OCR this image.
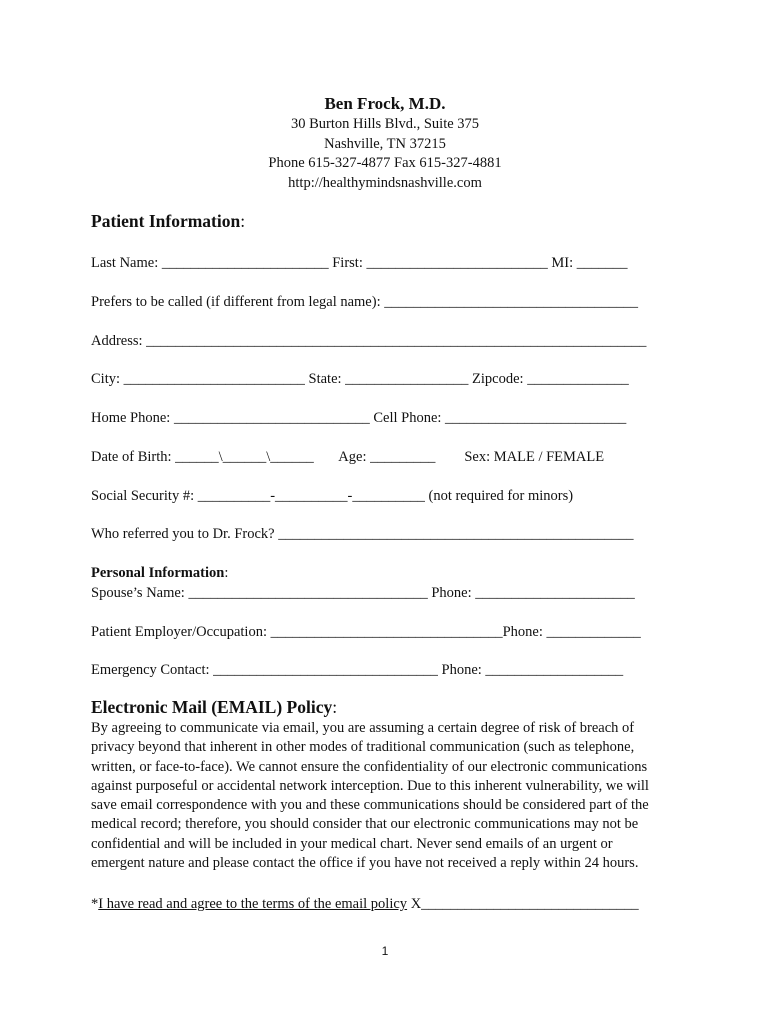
Ben Frock, M.D.
30 Burton Hills Blvd., Suite 375
Nashville, TN 37215
Phone 615-327-4877 Fax 615-327-4881
http://healthymindsnashville.com
Patient Information:
Last Name: _______________________ First: _________________________ MI: _______
Prefers to be called (if different from legal name): ___________________________________
Address: _____________________________________________________________________
City: _________________________ State: _________________ Zipcode: ______________
Home Phone: ___________________________ Cell Phone: _________________________
Date of Birth: ______\______\______       Age: _________        Sex: MALE / FEMALE
Social Security #: __________-__________-__________ (not required for minors)
Who referred you to Dr. Frock? _________________________________________________
Personal Information:
Spouse’s Name: _________________________________ Phone: ______________________
Patient Employer/Occupation: ________________________________Phone: _____________
Emergency Contact: _______________________________ Phone: ___________________
Electronic Mail (EMAIL) Policy:
By agreeing to communicate via email, you are assuming a certain degree of risk of breach of
privacy beyond that inherent in other modes of traditional communication (such as telephone,
written, or face-to-face). We cannot ensure the confidentiality of our electronic communications
against purposeful or accidental network interception. Due to this inherent vulnerability, we will
save email correspondence with you and these communications should be considered part of the
medical record; therefore, you should consider that our electronic communications may not be
confidential and will be included in your medical chart. Never send emails of an urgent or
emergent nature and please contact the office if you have not received a reply within 24 hours.
*I have read and agree to the terms of the email policy X______________________________
1
